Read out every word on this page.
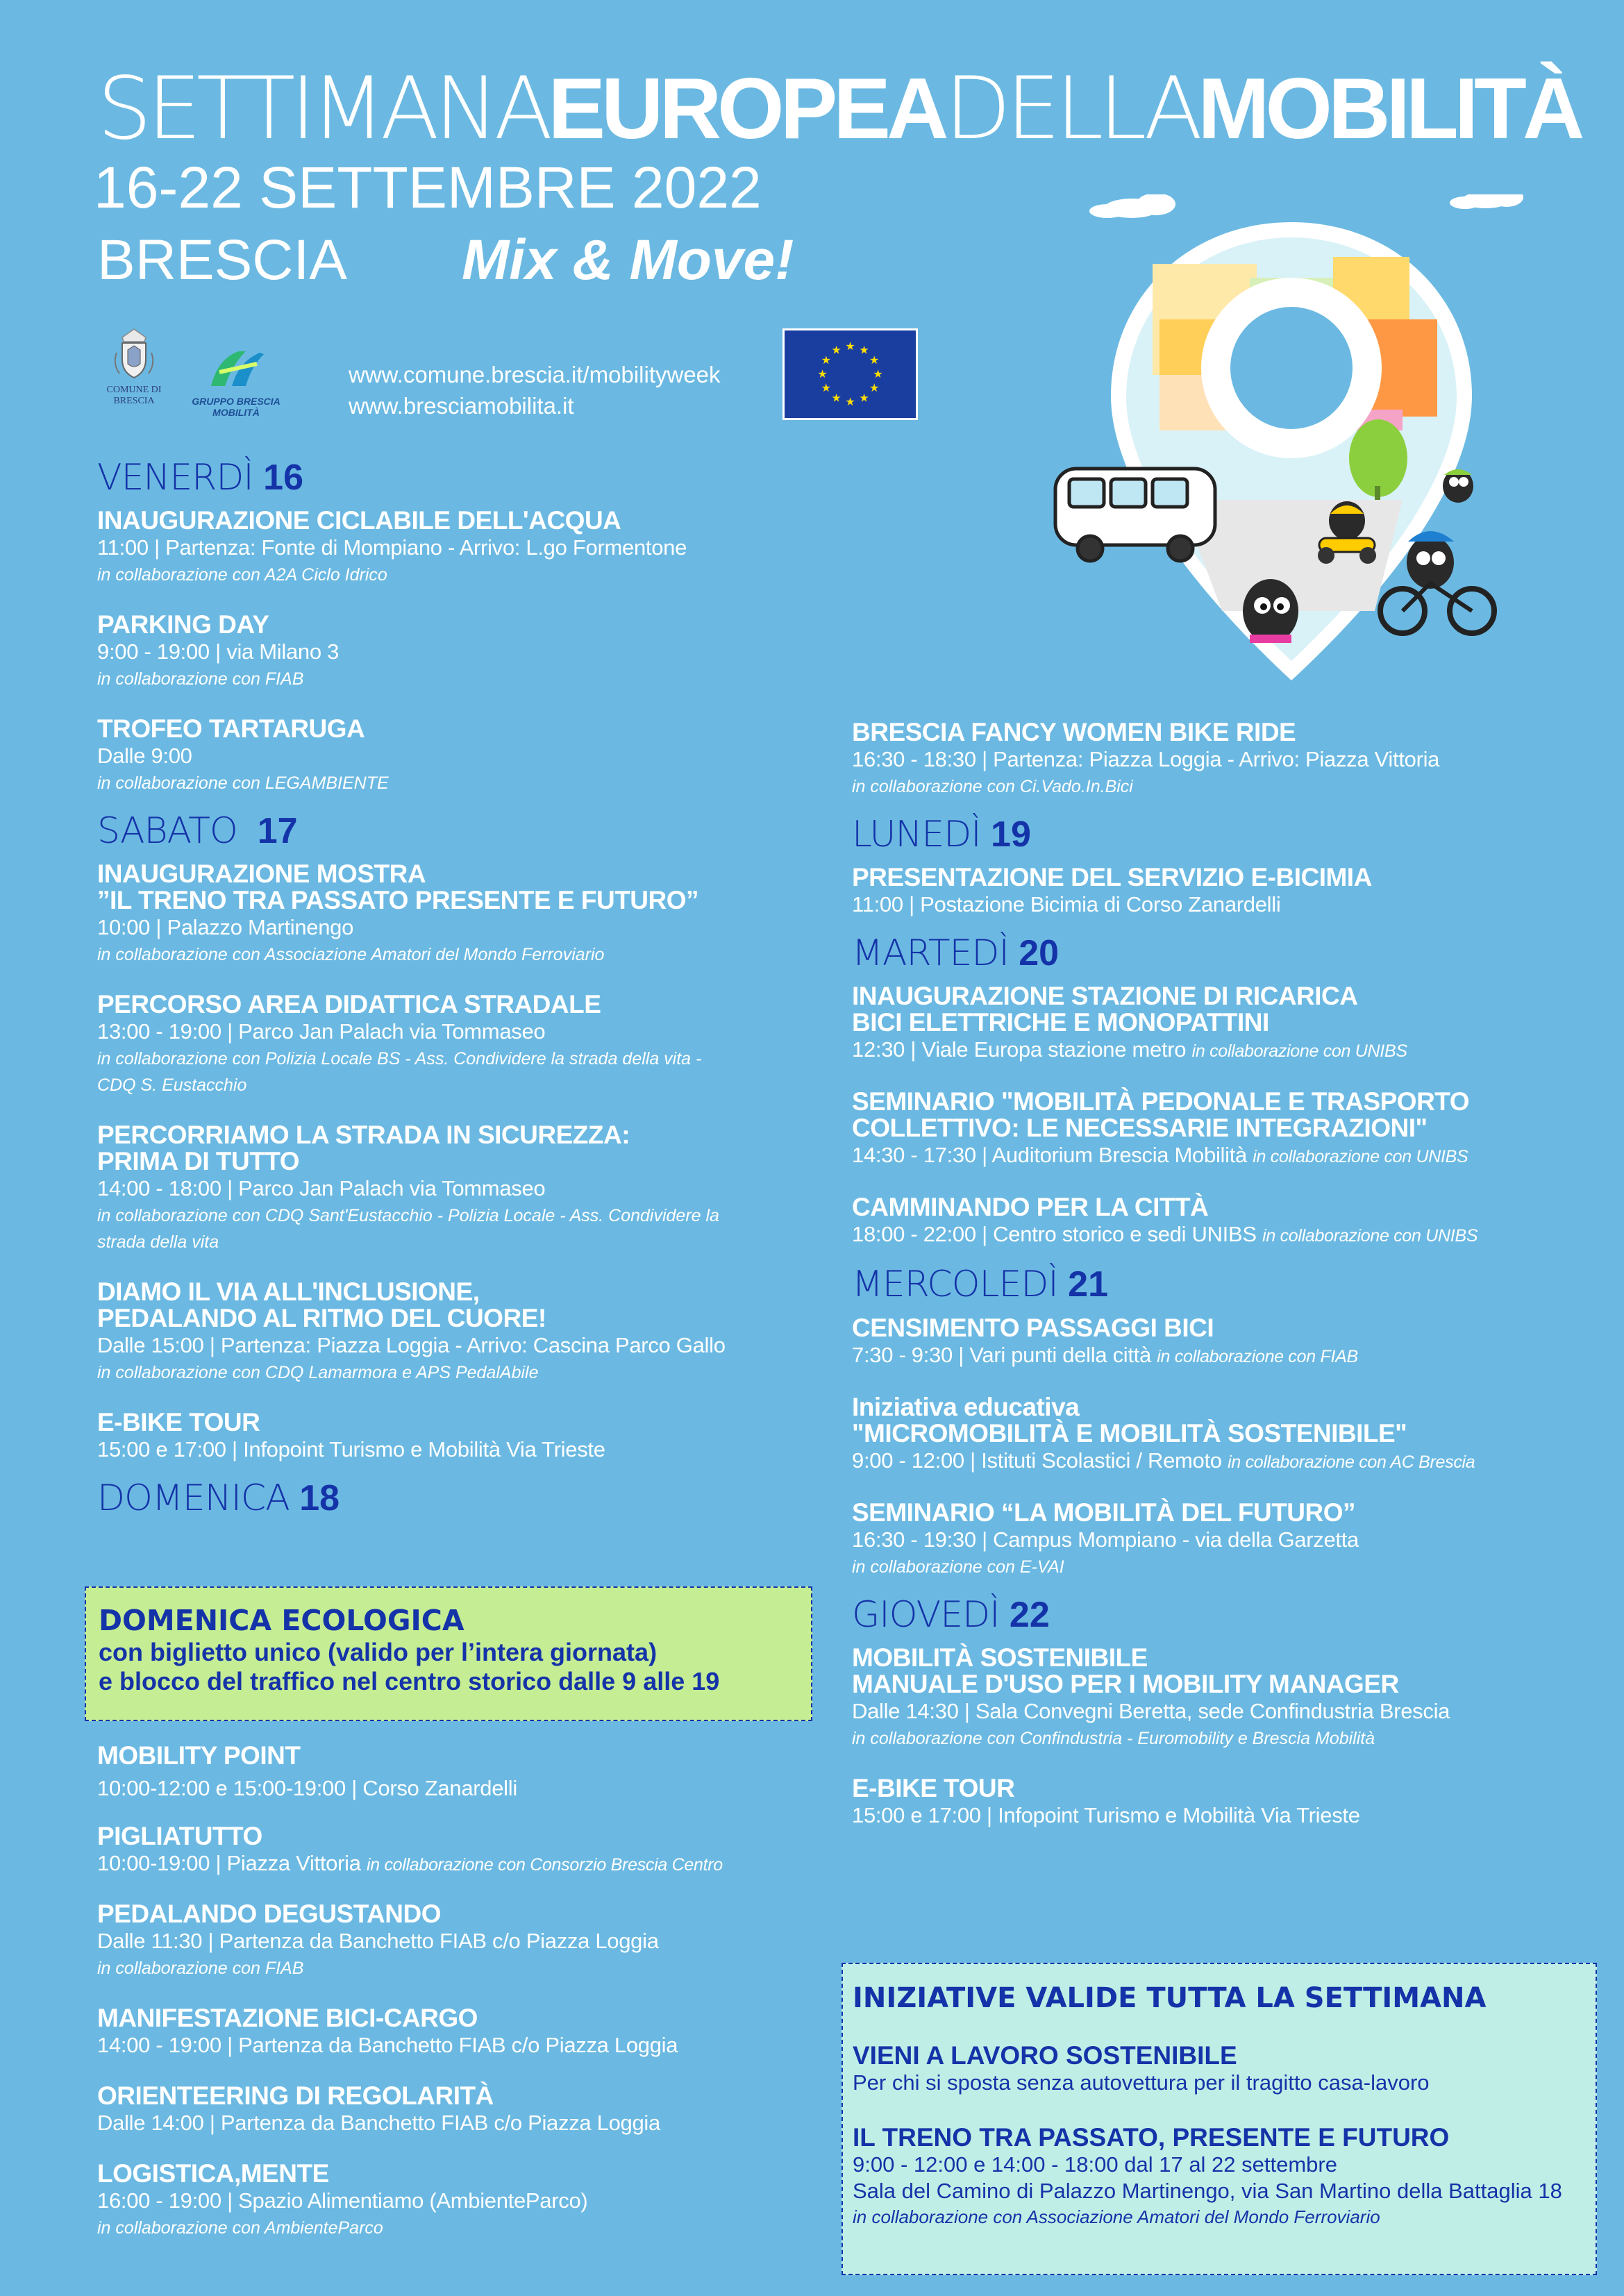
SETTIMANAEUROPEADELLAMOBILITÀ
16-22 SETTEMBRE 2022
BRESCIA Mix & Move!
COMUNE DI BRESCIA	GRUPPO BRESCIA MOBILITÀ
www.comune.brescia.it/mobilityweek
www.bresciamobilita.it
★ ★
★
★
★
★
★
★
★
★
★
★
VENERDÌ 16
INAUGURAZIONE CICLABILE DELL'ACQUA
11:00 | Partenza: Fonte di Mompiano - Arrivo: L.go Formentone
in collaborazione con A2A Ciclo Idrico
PARKING DAY
9:00 - 19:00 | via Milano 3
in collaborazione con FIAB
TROFEO TARTARUGA
Dalle 9:00
in collaborazione con LEGAMBIENTE
SABATO 17
INAUGURAZIONE MOSTRA
”IL TRENO TRA PASSATO PRESENTE E FUTURO”
10:00 | Palazzo Martinengo
in collaborazione con Associazione Amatori del Mondo Ferroviario
PERCORSO AREA DIDATTICA STRADALE
13:00 - 19:00 | Parco Jan Palach via Tommaseo
in collaborazione con Polizia Locale BS - Ass. Condividere la strada della vita -
CDQ S. Eustacchio
PERCORRIAMO LA STRADA IN SICUREZZA:
PRIMA DI TUTTO
14:00 - 18:00 | Parco Jan Palach via Tommaseo
in collaborazione con CDQ Sant'Eustacchio - Polizia Locale - Ass. Condividere la
strada della vita
DIAMO IL VIA ALL'INCLUSIONE,
PEDALANDO AL RITMO DEL CUORE!
Dalle 15:00 | Partenza: Piazza Loggia - Arrivo: Cascina Parco Gallo
in collaborazione con CDQ Lamarmora e APS PedalAbile
E-BIKE TOUR
15:00 e 17:00 | Infopoint Turismo e Mobilità Via Trieste
DOMENICA 18
DOMENICA ECOLOGICA
con biglietto unico (valido per l’intera giornata)
e blocco del traffico nel centro storico dalle 9 alle 19
MOBILITY POINT
10:00-12:00 e 15:00-19:00 | Corso Zanardelli
PIGLIATUTTO
10:00-19:00 | Piazza Vittoria in collaborazione con Consorzio Brescia Centro
PEDALANDO DEGUSTANDO
Dalle 11:30 | Partenza da Banchetto FIAB c/o Piazza Loggia
in collaborazione con FIAB
MANIFESTAZIONE BICI-CARGO
14:00 - 19:00 | Partenza da Banchetto FIAB c/o Piazza Loggia
ORIENTEERING DI REGOLARITÀ
Dalle 14:00 | Partenza da Banchetto FIAB c/o Piazza Loggia
LOGISTICA,MENTE
16:00 - 19:00 | Spazio Alimentiamo (AmbienteParco)
in collaborazione con AmbienteParco
BRESCIA FANCY WOMEN BIKE RIDE
16:30 - 18:30 | Partenza: Piazza Loggia - Arrivo: Piazza Vittoria
in collaborazione con Ci.Vado.In.Bici
LUNEDÌ 19
PRESENTAZIONE DEL SERVIZIO E-BICIMIA
11:00 | Postazione Bicimia di Corso Zanardelli
MARTEDÌ 20
INAUGURAZIONE STAZIONE DI RICARICA
BICI ELETTRICHE E MONOPATTINI
12:30 | Viale Europa stazione metro in collaborazione con UNIBS
SEMINARIO "MOBILITÀ PEDONALE E TRASPORTO
COLLETTIVO: LE NECESSARIE INTEGRAZIONI"
14:30 - 17:30 | Auditorium Brescia Mobilità in collaborazione con UNIBS
CAMMINANDO PER LA CITTÀ
18:00 - 22:00 | Centro storico e sedi UNIBS in collaborazione con UNIBS
MERCOLEDÌ 21
CENSIMENTO PASSAGGI BICI
7:30 - 9:30 | Vari punti della città in collaborazione con FIAB
Iniziativa educativa
"MICROMOBILITÀ E MOBILITÀ SOSTENIBILE"
9:00 - 12:00 | Istituti Scolastici / Remoto in collaborazione con AC Brescia
SEMINARIO “LA MOBILITÀ DEL FUTURO”
16:30 - 19:30 | Campus Mompiano - via della Garzetta
in collaborazione con E-VAI
GIOVEDÌ 22
MOBILITÀ SOSTENIBILE
MANUALE D'USO PER I MOBILITY MANAGER
Dalle 14:30 | Sala Convegni Beretta, sede Confindustria Brescia
in collaborazione con Confindustria - Euromobility e Brescia Mobilità
E-BIKE TOUR
15:00 e 17:00 | Infopoint Turismo e Mobilità Via Trieste
INIZIATIVE VALIDE TUTTA LA SETTIMANA
VIENI A LAVORO SOSTENIBILE
Per chi si sposta senza autovettura per il tragitto casa-lavoro
IL TRENO TRA PASSATO, PRESENTE E FUTURO
9:00 - 12:00 e 14:00 - 18:00 dal 17 al 22 settembre
Sala del Camino di Palazzo Martinengo, via San Martino della Battaglia 18
in collaborazione con Associazione Amatori del Mondo Ferroviario
